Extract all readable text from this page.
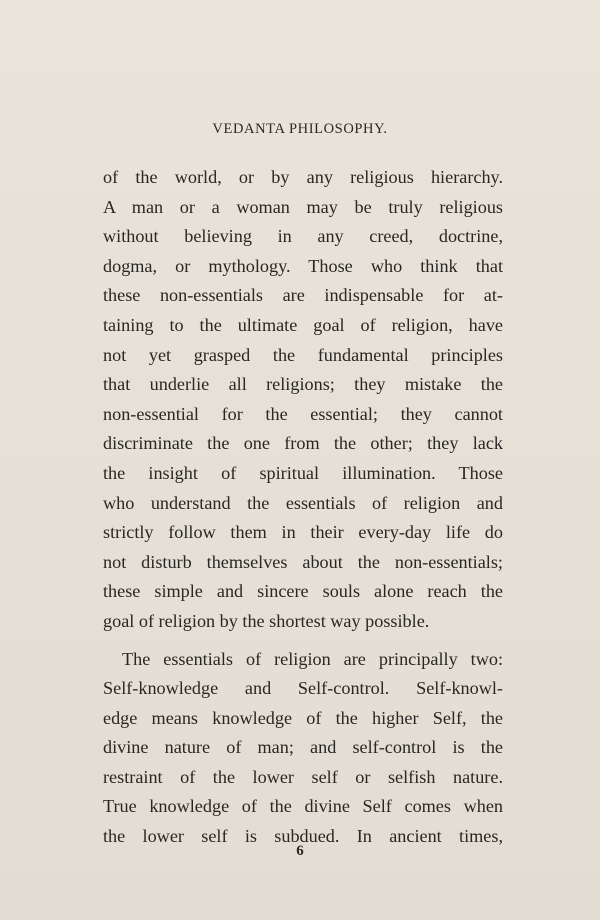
VEDANTA PHILOSOPHY.
of the world, or by any religious hierarchy.
A man or a woman may be truly religious
without believing in any creed, doctrine,
dogma, or mythology. Those who think that
these non-essentials are indispensable for at-
taining to the ultimate goal of religion, have
not yet grasped the fundamental principles
that underlie all religions; they mistake the
non-essential for the essential; they cannot
discriminate the one from the other; they lack
the insight of spiritual illumination. Those
who understand the essentials of religion and
strictly follow them in their every-day life do
not disturb themselves about the non-essentials;
these simple and sincere souls alone reach the
goal of religion by the shortest way possible.
The essentials of religion are principally two:
Self-knowledge and Self-control. Self-knowl-
edge means knowledge of the higher Self, the
divine nature of man; and self-control is the
restraint of the lower self or selfish nature.
True knowledge of the divine Self comes when
the lower self is subdued. In ancient times,
6
